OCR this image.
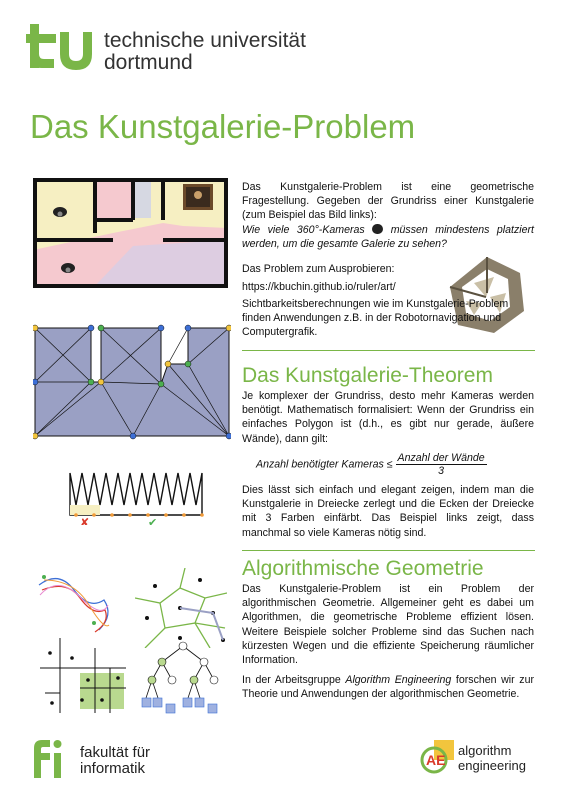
technische universität
dortmund
Das Kunstgalerie-Problem
✘	✔
Das Kunstgalerie-Problem ist eine geometrische Fragestellung. Gegeben der Grundriss einer Kunstgalerie (zum Beispiel das Bild links):
Wie viele 360°-Kameras müssen mindestens platziert werden, um die gesamte Galerie zu sehen?
Das Problem zum Ausprobieren:
https://kbuchin.github.io/ruler/art/
Sichtbarkeitsberechnungen wie im Kunstgalerie-Problem finden Anwendungen z.B. in der Robotornavigation und Computergrafik.
Das Kunstgalerie-Theorem
Je komplexer der Grundriss, desto mehr Kameras werden benötigt. Mathematisch formalisiert: Wenn der Grundriss ein einfaches Polygon ist (d.h., es gibt nur gerade, äußere Wände), dann gilt:
Anzahl benötigter Kameras ≤ $\frac{\text{Anzahl der Wände}}{3}$
Dies lässt sich einfach und elegant zeigen, indem man die Kunstgalerie in Dreiecke zerlegt und die Ecken der Dreiecke mit 3 Farben einfärbt. Das Beispiel links zeigt, dass manchmal so viele Kameras nötig sind.
Algorithmische Geometrie
Das Kunstgalerie-Problem ist ein Problem der algorithmischen Geometrie. Allgemeiner geht es dabei um Algorithmen, die geometrische Probleme effizient lösen. Weitere Beispiele solcher Probleme sind das Suchen nach kürzesten Wegen und die effiziente Speicherung räumlicher Information.
In der Arbeitsgruppe Algorithm Engineering forschen wir zur Theorie und Anwendungen der algorithmischen Geometrie.
fakultät für
informatik	AE
algorithm
engineering
